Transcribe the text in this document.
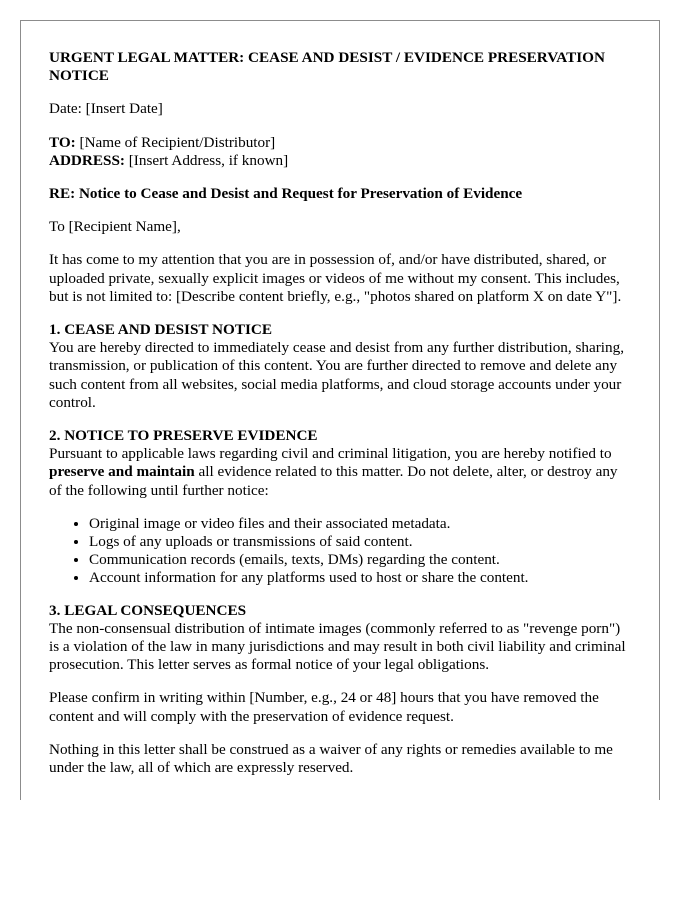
URGENT LEGAL MATTER: CEASE AND DESIST / EVIDENCE PRESERVATION NOTICE

Date: [Insert Date]

TO: [Name of Recipient/Distributor]
ADDRESS: [Insert Address, if known]

RE: Notice to Cease and Desist and Request for Preservation of Evidence

To [Recipient Name],

It has come to my attention that you are in possession of, and/or have distributed, shared, or uploaded private, sexually explicit images or videos of me without my consent. This includes, but is not limited to: [Describe content briefly, e.g., "photos shared on platform X on date Y"].

1. CEASE AND DESIST NOTICE
You are hereby directed to immediately cease and desist from any further distribution, sharing, transmission, or publication of this content. You are further directed to remove and delete any such content from all websites, social media platforms, and cloud storage accounts under your control.
2. NOTICE TO PRESERVE EVIDENCE
Pursuant to applicable laws regarding civil and criminal litigation, you are hereby notified to preserve and maintain all evidence related to this matter. Do not delete, alter, or destroy any of the following until further notice:
• Original image or video files and their associated metadata.
• Logs of any uploads or transmissions of said content.
• Communication records (emails, texts, DMs) regarding the content.
• Account information for any platforms used to host or share the content.
3. LEGAL CONSEQUENCES
The non-consensual distribution of intimate images (commonly referred to as "revenge porn") is a violation of the law in many jurisdictions and may result in both civil liability and criminal prosecution. This letter serves as formal notice of your legal obligations.

Please confirm in writing within [Number, e.g., 24 or 48] hours that you have removed the content and will comply with the preservation of evidence request.

Nothing in this letter shall be construed as a waiver of any rights or remedies available to me under the law, all of which are expressly reserved.
